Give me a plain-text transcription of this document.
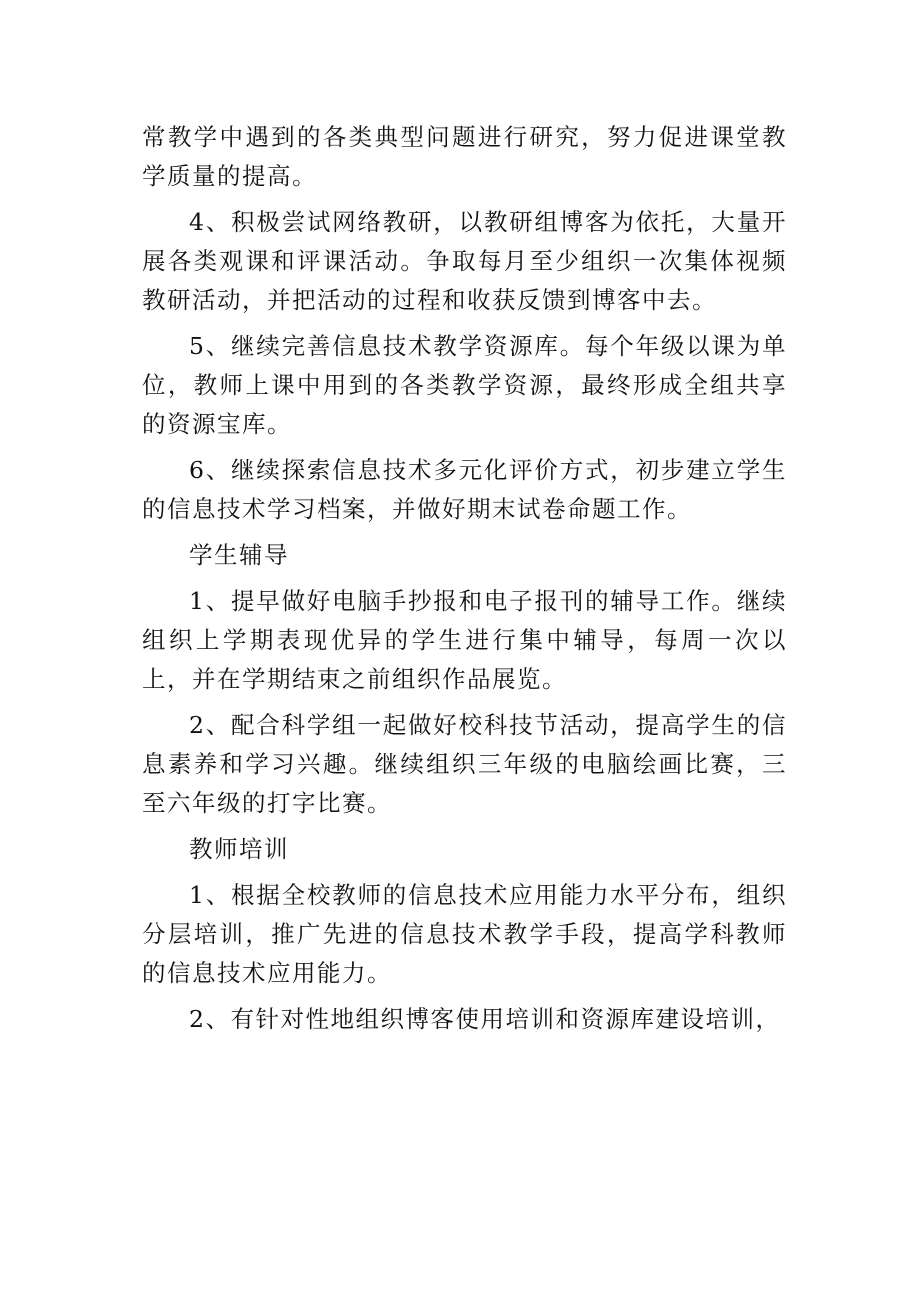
常教学中遇到的各类典型问题进行研究，努力促进课堂教学质量的提高。

4、积极尝试网络教研，以教研组博客为依托，大量开展各类观课和评课活动。争取每月至少组织一次集体视频教研活动，并把活动的过程和收获反馈到博客中去。

5、继续完善信息技术教学资源库。每个年级以课为单位，教师上课中用到的各类教学资源，最终形成全组共享的资源宝库。

6、继续探索信息技术多元化评价方式，初步建立学生的信息技术学习档案，并做好期末试卷命题工作。

学生辅导

1、提早做好电脑手抄报和电子报刊的辅导工作。继续组织上学期表现优异的学生进行集中辅导，每周一次以上，并在学期结束之前组织作品展览。

2、配合科学组一起做好校科技节活动，提高学生的信息素养和学习兴趣。继续组织三年级的电脑绘画比赛，三至六年级的打字比赛。

教师培训

1、根据全校教师的信息技术应用能力水平分布，组织分层培训，推广先进的信息技术教学手段，提高学科教师的信息技术应用能力。

2、有针对性地组织博客使用培训和资源库建设培训，
